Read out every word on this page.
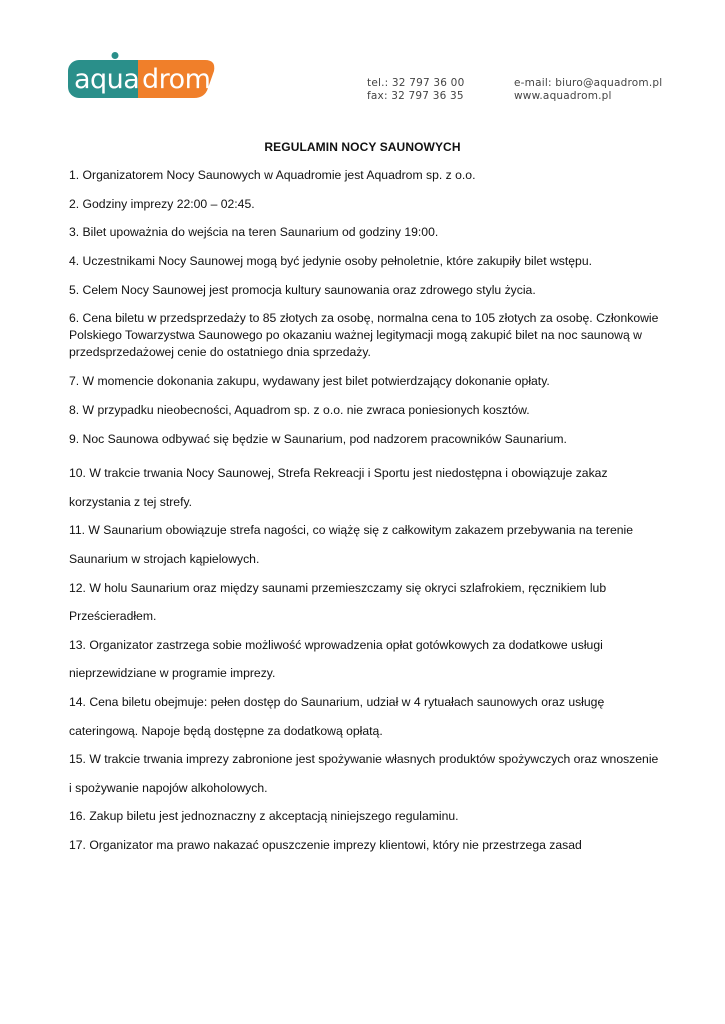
aqua drom	tel.: 32 797 36 00
fax: 32 797 36 35
e-mail: biuro@aquadrom.pl
www.aquadrom.pl
REGULAMIN NOCY SAUNOWYCH

1. Organizatorem Nocy Saunowych w Aquadromie jest Aquadrom sp. z o.o.

2. Godziny imprezy 22:00 – 02:45.

3. Bilet upoważnia do wejścia na teren Saunarium od godziny 19:00.

4. Uczestnikami Nocy Saunowej mogą być jedynie osoby pełnoletnie, które zakupiły bilet wstępu.

5. Celem Nocy Saunowej jest promocja kultury saunowania oraz zdrowego stylu życia.

6. Cena biletu w przedsprzedaży to 85 złotych za osobę, normalna cena to 105 złotych za osobę. Członkowie Polskiego Towarzystwa Saunowego po okazaniu ważnej legitymacji mogą zakupić bilet na noc saunową w przedsprzedażowej cenie do ostatniego dnia sprzedaży.

7. W momencie dokonania zakupu, wydawany jest bilet potwierdzający dokonanie opłaty.

8. W przypadku nieobecności, Aquadrom sp. z o.o. nie zwraca poniesionych kosztów.

9. Noc Saunowa odbywać się będzie w Saunarium, pod nadzorem pracowników Saunarium.

10. W trakcie trwania Nocy Saunowej, Strefa Rekreacji i Sportu jest niedostępna i obowiązuje zakaz korzystania z tej strefy.

11. W Saunarium obowiązuje strefa nagości, co wiążę się z całkowitym zakazem przebywania na terenie Saunarium w strojach kąpielowych.

12. W holu Saunarium oraz między saunami przemieszczamy się okryci szlafrokiem, ręcznikiem lub Prześcieradłem.

13. Organizator zastrzega sobie możliwość wprowadzenia opłat gotówkowych za dodatkowe usługi nieprzewidziane w programie imprezy.

14. Cena biletu obejmuje: pełen dostęp do Saunarium, udział w 4 rytuałach saunowych oraz usługę cateringową. Napoje będą dostępne za dodatkową opłatą.

15. W trakcie trwania imprezy zabronione jest spożywanie własnych produktów spożywczych oraz wnoszenie i spożywanie napojów alkoholowych.

16. Zakup biletu jest jednoznaczny z akceptacją niniejszego regulaminu.

17. Organizator ma prawo nakazać opuszczenie imprezy klientowi, który nie przestrzega zasad
